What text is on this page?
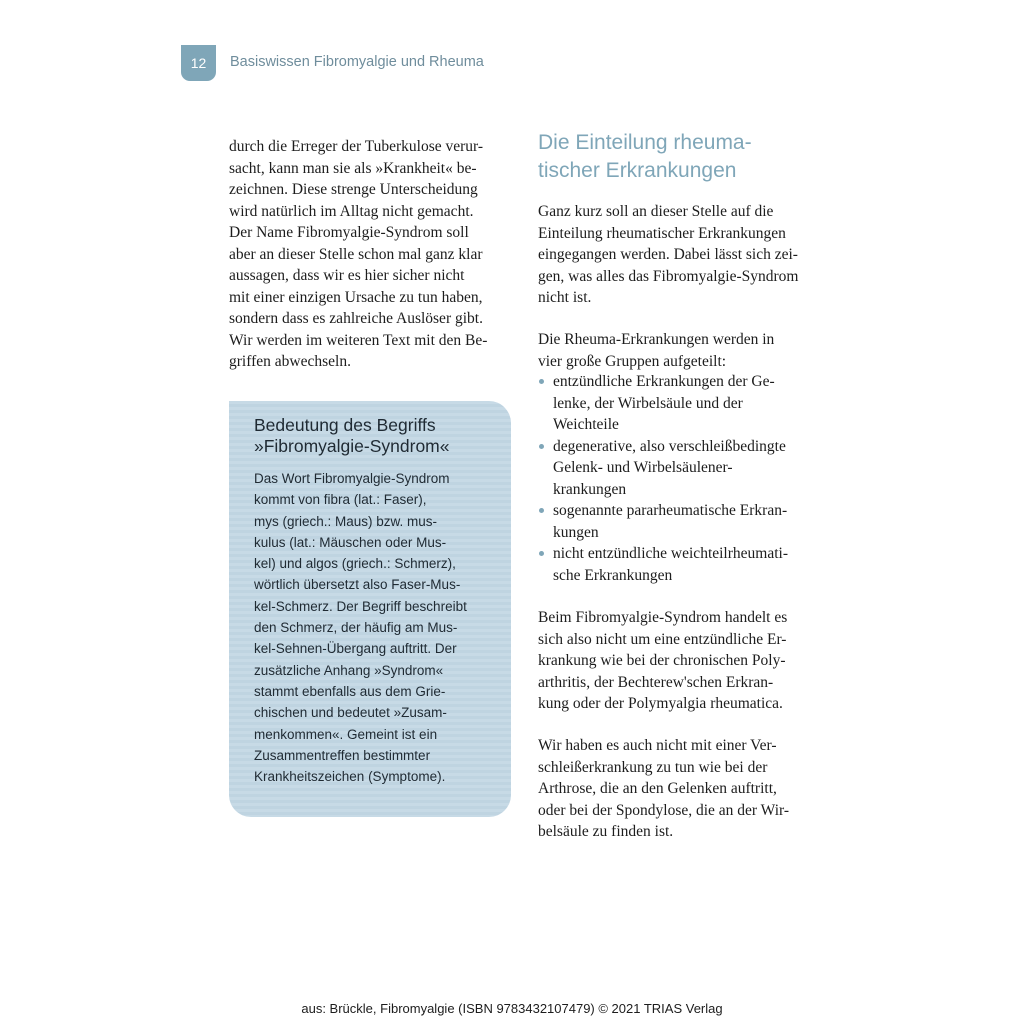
12 Basiswissen Fibromyalgie und Rheuma
durch die Erreger der Tuberkulose verur-
sacht, kann man sie als »Krankheit« be-
zeichnen. Diese strenge Unterscheidung
wird natürlich im Alltag nicht gemacht.
Der Name Fibromyalgie-Syndrom soll
aber an dieser Stelle schon mal ganz klar
aussagen, dass wir es hier sicher nicht
mit einer einzigen Ursache zu tun haben,
sondern dass es zahlreiche Auslöser gibt.
Wir werden im weiteren Text mit den Be-
griffen abwechseln.
Bedeutung des Begriffs
»Fibromyalgie-Syndrom«
Das Wort Fibromyalgie-Syndrom
kommt von fibra (lat.: Faser),
mys (griech.: Maus) bzw. mus-
kulus (lat.: Mäuschen oder Mus-
kel) und algos (griech.: Schmerz),
wörtlich übersetzt also Faser-Mus-
kel-Schmerz. Der Begriff beschreibt
den Schmerz, der häufig am Mus-
kel-Sehnen-Übergang auftritt. Der
zusätzliche Anhang »Syndrom«
stammt ebenfalls aus dem Grie-
chischen und bedeutet »Zusam-
menkommen«. Gemeint ist ein
Zusammentreffen bestimmter
Krankheitszeichen (Symptome).
Die Einteilung rheuma-
tischer Erkrankungen
Ganz kurz soll an dieser Stelle auf die
Einteilung rheumatischer Erkrankungen
eingegangen werden. Dabei lässt sich zei-
gen, was alles das Fibromyalgie-Syndrom
nicht ist.
Die Rheuma-Erkrankungen werden in
vier große Gruppen aufgeteilt:
entzündliche Erkrankungen der Ge-
lenke, der Wirbelsäule und der
Weichteile
degenerative, also verschleißbedingte
Gelenk- und Wirbelsäulener-
krankungen
sogenannte pararheumatische Erkran-
kungen
nicht entzündliche weichteilrheumati-
sche Erkrankungen
Beim Fibromyalgie-Syndrom handelt es
sich also nicht um eine entzündliche Er-
krankung wie bei der chronischen Poly-
arthritis, der Bechterew'schen Erkran-
kung oder der Polymyalgia rheumatica.
Wir haben es auch nicht mit einer Ver-
schleißerkrankung zu tun wie bei der
Arthrose, die an den Gelenken auftritt,
oder bei der Spondylose, die an der Wir-
belsäule zu finden ist.
aus: Brückle, Fibromyalgie (ISBN 9783432107479) © 2021 TRIAS Verlag
